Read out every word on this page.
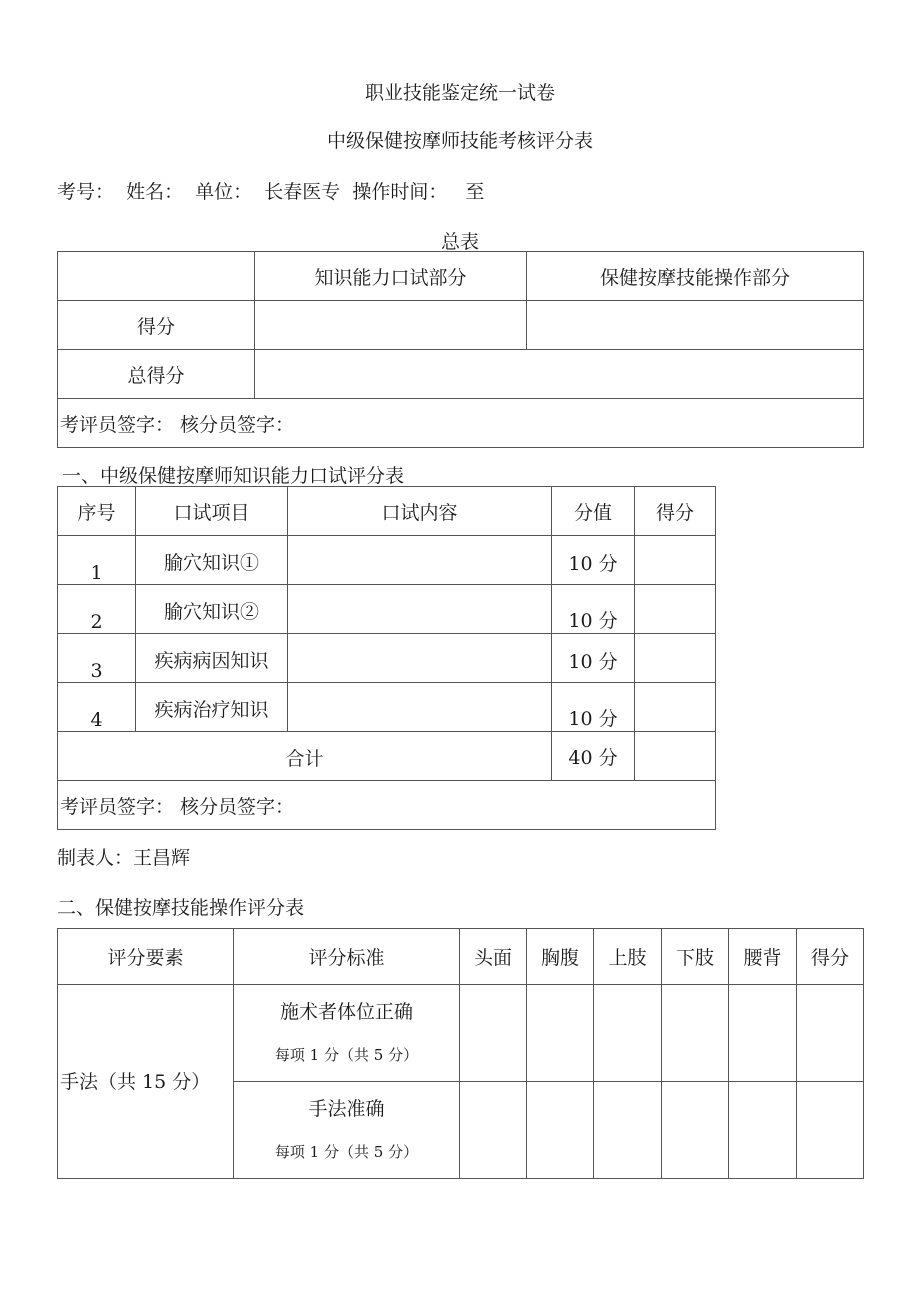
职业技能鉴定统一试卷
中级保健按摩师技能考核评分表
考号：  姓名：  单位：  长春医专  操作时间：   至
总表
	知识能力口试部分	保健按摩技能操作部分
得分		
总得分		
考评员签字： 核分员签字：		
一、中级保健按摩师知识能力口试评分表
序号	口试项目	口试内容	分值	得分

1	腧穴知识①		10 分	

2	腧穴知识②		10 分	

3	疾病病因知识		10 分	

4	疾病治疗知识		10 分	

合计			40 分	
考评员签字： 核分员签字：				
制表人：王昌辉
二、保健按摩技能操作评分表
评分要素	评分标准	头面	胸腹	上肢	下肢	腰背	得分

手法（共 15 分）	施术者体位正确
每项 1 分（共 5 分）						

	手法准确
每项 1 分（共 5 分）						
